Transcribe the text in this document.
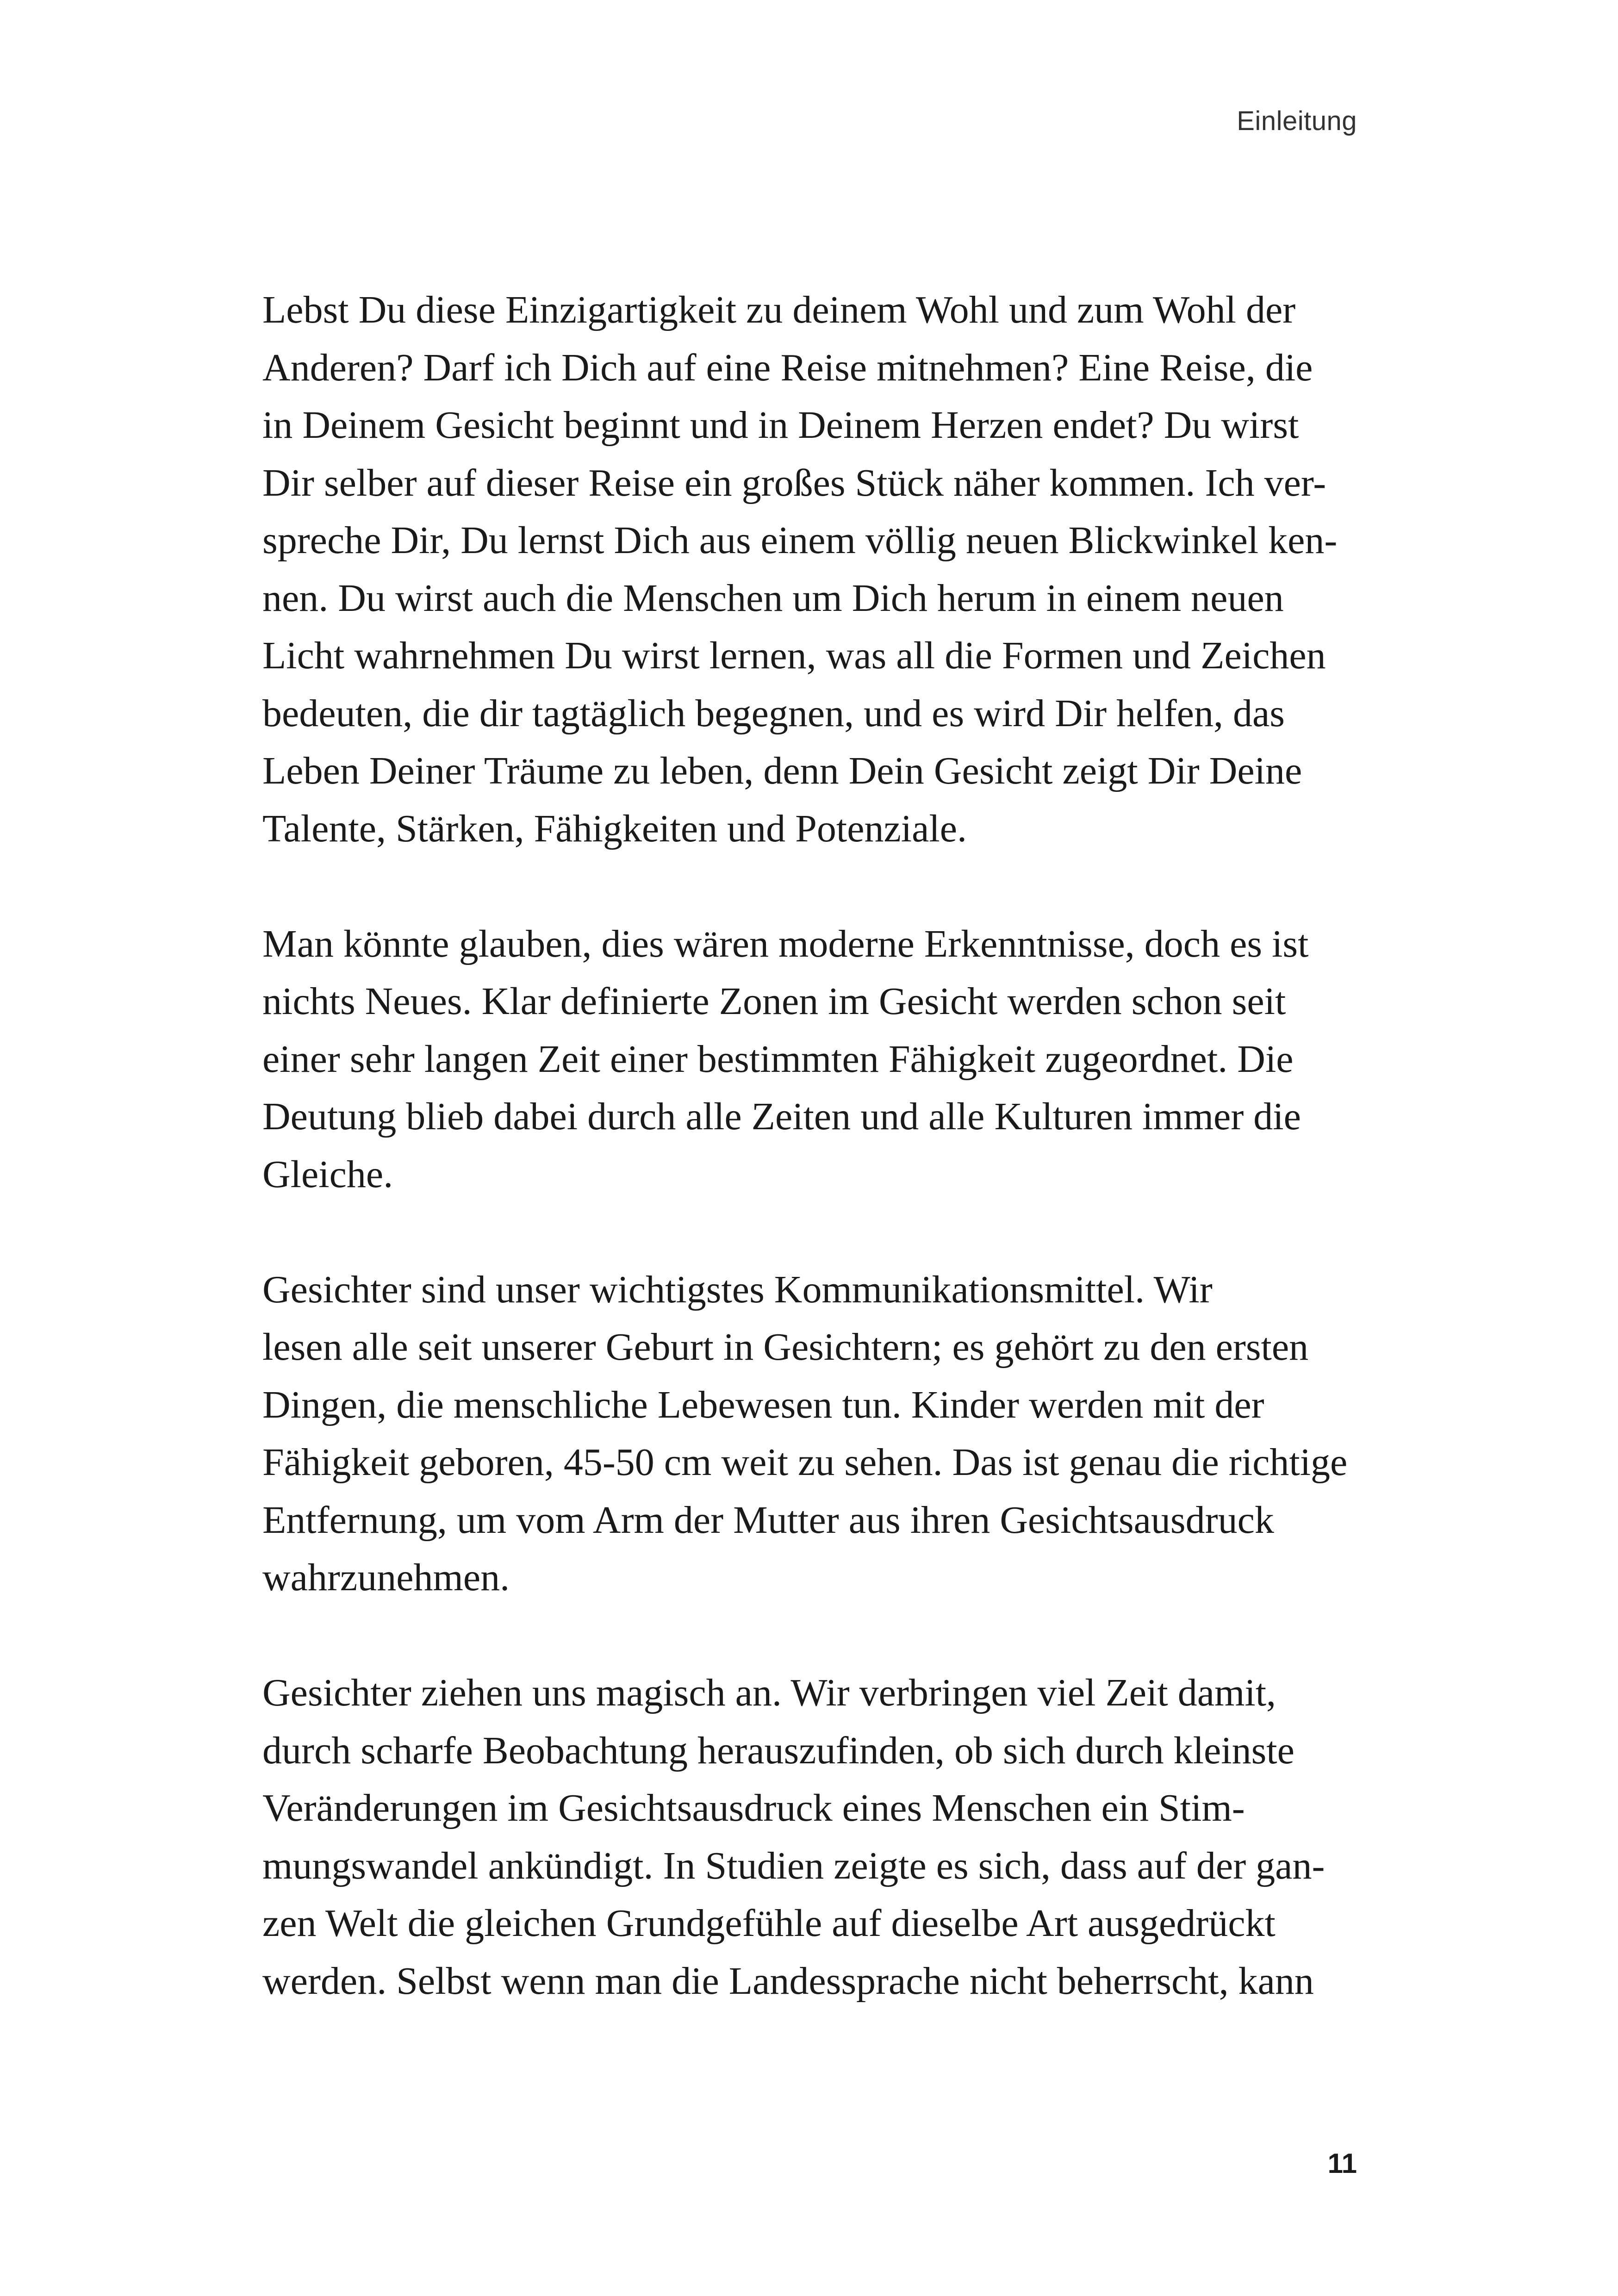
Einleitung

Lebst Du diese Einzigartigkeit zu deinem Wohl und zum Wohl der
Anderen? Darf ich Dich auf eine Reise mitnehmen? Eine Reise, die
in Deinem Gesicht beginnt und in Deinem Herzen endet? Du wirst
Dir selber auf dieser Reise ein großes Stück näher kommen. Ich ver-
spreche Dir, Du lernst Dich aus einem völlig neuen Blickwinkel ken-
nen. Du wirst auch die Menschen um Dich herum in einem neuen
Licht wahrnehmen Du wirst lernen, was all die Formen und Zeichen
bedeuten, die dir tagtäglich begegnen, und es wird Dir helfen, das
Leben Deiner Träume zu leben, denn Dein Gesicht zeigt Dir Deine
Talente, Stärken, Fähigkeiten und Potenziale.

Man könnte glauben, dies wären moderne Erkenntnisse, doch es ist
nichts Neues. Klar definierte Zonen im Gesicht werden schon seit
einer sehr langen Zeit einer bestimmten Fähigkeit zugeordnet. Die
Deutung blieb dabei durch alle Zeiten und alle Kulturen immer die
Gleiche.

Gesichter sind unser wichtigstes Kommunikationsmittel. Wir
lesen alle seit unserer Geburt in Gesichtern; es gehört zu den ersten
Dingen, die menschliche Lebewesen tun. Kinder werden mit der
Fähigkeit geboren, 45-50 cm weit zu sehen. Das ist genau die richtige
Entfernung, um vom Arm der Mutter aus ihren Gesichtsausdruck
wahrzunehmen.

Gesichter ziehen uns magisch an. Wir verbringen viel Zeit damit,
durch scharfe Beobachtung herauszufinden, ob sich durch kleinste
Veränderungen im Gesichtsausdruck eines Menschen ein Stim-
mungswandel ankündigt. In Studien zeigte es sich, dass auf der gan-
zen Welt die gleichen Grundgefühle auf dieselbe Art ausgedrückt
werden. Selbst wenn man die Landessprache nicht beherrscht, kann

11
